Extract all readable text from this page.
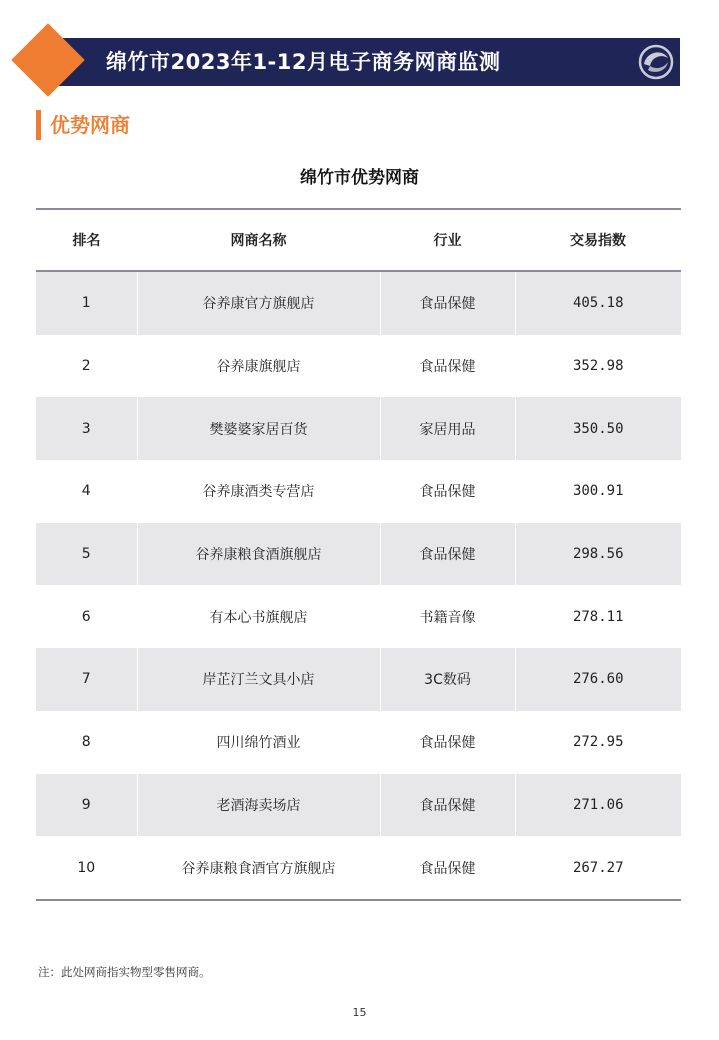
绵竹市2023年1-12月电子商务网商监测
优势网商
绵竹市优势网商
排名	网商名称	行业	交易指数
1	谷养康官方旗舰店	食品保健	405.18
2	谷养康旗舰店	食品保健	352.98
3	樊婆婆家居百货	家居用品	350.50
4	谷养康酒类专营店	食品保健	300.91
5	谷养康粮食酒旗舰店	食品保健	298.56
6	有本心书旗舰店	书籍音像	278.11
7	岸芷汀兰文具小店	3C数码	276.60
8	四川绵竹酒业	食品保健	272.95
9	老酒海卖场店	食品保健	271.06
10	谷养康粮食酒官方旗舰店	食品保健	267.27
注：此处网商指实物型零售网商。
15
